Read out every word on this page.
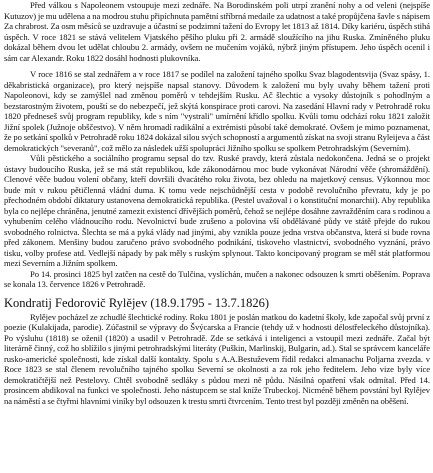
Před válkou s Napoleonem vstoupuje mezi zednáře. Na Borodinském poli utrpí zranění nohy a od veleni (nejspíše Kutuzov) je mu udělena a na modrou stuhu připíchnuta pamětní stříbrná medaile za udatnost a také propůjčena šavle s nápisem Za chrabrost. Za osm měsíců se uzdravuje a účastní se podzimní tažení do Evropy let 1813 až 1814. Díky kariéru, úspěch stihá úspěch. V roce 1821 se stává velitelem Vjatského pěšího pluku při 2. armádě sloužícího na jihu Ruska. Zmíněného pluku dokázal během dvou let udělat chloubu 2. armády, ovšem ne mučením vojáků, nýbrž jiným přístupem. Jeho úspěch ocenil i sám car Alexandr. Roku 1822 dosáhl hodnosti plukovníka.

V roce 1816 se stal zednářem a v roce 1817 se podílel na založení tajného spolku Svaz blagodentsvija (Svaz spásy, 1. děkabristická organizace), pro který nejspíše napsal stanovy. Důvodem k založení mu byly uvahy během tažení proti Napoleonovi, kdy se zamýšlel nad změnou poměrů v tehdejším Rusku. Ač šlechtic a vysoky důstojník s pohodlným a bezstarostným životem, pouští se do nebezpečí, jež skýtá konspirace proti carovi. Na zasedání Hlavní rady v Petrohradě roku 1820 předneseš svůj program republiky, kde s ním "vystrali" umírnění křídlo spolku. Kvůli tomu odchází roku 1821 založit Jižní spolek (Južnoje obščestvo). V něm hromadí radikální a extrémisti působí také demokraté. Ovšem je mimo poznamenat, že po setkání spolků v Petrohradě roku 1824 dokázal silou svých schopností a argumentů získat na svoji stranu Ryleijeva a část demokratických "severanů", což mělo za následek užší spolupráci Jižního spolku se spolkem Petrohradským (Severním).

Vůli pěstického a sociálního programu sepsal do tzv. Ruské pravdy, která zůstala nedokončena. Jedná se o projekt ústavy budoucího Ruska, jež se má stát republikou, kde zákonodárnou moc bude vykonávat Národní věče (shromáždění). Clenové věče budou volení občany, kteří dovršili dvacátého roku života, bez ohledu na majetkový census. Výkonnou moc bude mít v rukou pětičlenná vládní duma. K tomu vede nejschůdnější cesta v podobě revolučního převratu, kdy je po přechodném období diktatury ustanovena demokratická republika. (Pestel uvažoval i o konstituční monarchii). Aby republika byla co nejlépe chráněna, jenutné zamezit existencí dřívějších poměrů, čehož se nejlépe dosáhne zavražděním cara s rodinou a vyhubením celého vládnoucího rodu. Nevolnictví bude zrušeno a polovina vší obdělávané půdy ve státě přejde do rukou svobodného rolnictva. Šlechta se má a pyká vlády nad jinými, aby vznikla pouze jedna vrstva občanstva, která si bude rovna před zákonem. Menšiny budou zaručeno právo svobodného podnikání, tiskoveho vlastnictví, svobodného vyznání, právo tisku, volby profese atd. Vedlejší nápady by pak měly s ruským splynout. Takto koncipovaný program se měl stát platformou mezi Severním a Jižním spolkem.

Po 14. prosinci 1825 byl zatčen na cestě do Tulčina, vyslíchán, mučen a nakonec odsouzen k smrti oběšením. Poprava se konala 13. července 1826 v Petrohradě.

Kondratij Fedorovič Rylějev (18.9.1795 - 13.7.1826)

Rylějev pocházel ze zchudlé šlechtické rodiny. Roku 1801 je poslán matkou do kadetní školy, kde započal svůj první z poezie (Kulakijada, parodie). Zúčastnil se výpravy do Švýcarska a Francie (tehdy už v hodnosti délostřeleckého důstojníka). Po výsluhu (1818) se oženil (1820) a usadil v Petrohradě. Zde se setkává i inteligenci a vstoupil mezi zednáře. Začal být literárně činný, což ho sblížilo s jinými petrohradskými literáty (Puškin, Marlinskij, Bulgarin, ad.). Stal se správcem kanceláře rusko-americké společnosti, kde získal další kontakty. Spolu s A.A.Bestuževem řídil redakci almanachu Poljarna zvezda. v Roce 1823 se stal členem revolučního tajného spolku Severní se okolnosti a za rok jeho ředitelem. Jeho vize byly více demokratičtější než Pestelovy. Chtěl svobodně sedláky s půdou mezi ně půdu. Násilná opatření však odmítal. Před 14. prosincem abdikoval na funkci ve společnosti. Jeho nástupcem se stal kníže Trubeckoj. Nicméně během povstání byl Rylějev na náměstí a se čtyřmi hlavními viníky byl odsouzen k trestu smrti čtvrcením. Tento trest byl později změněn na oběšení.
